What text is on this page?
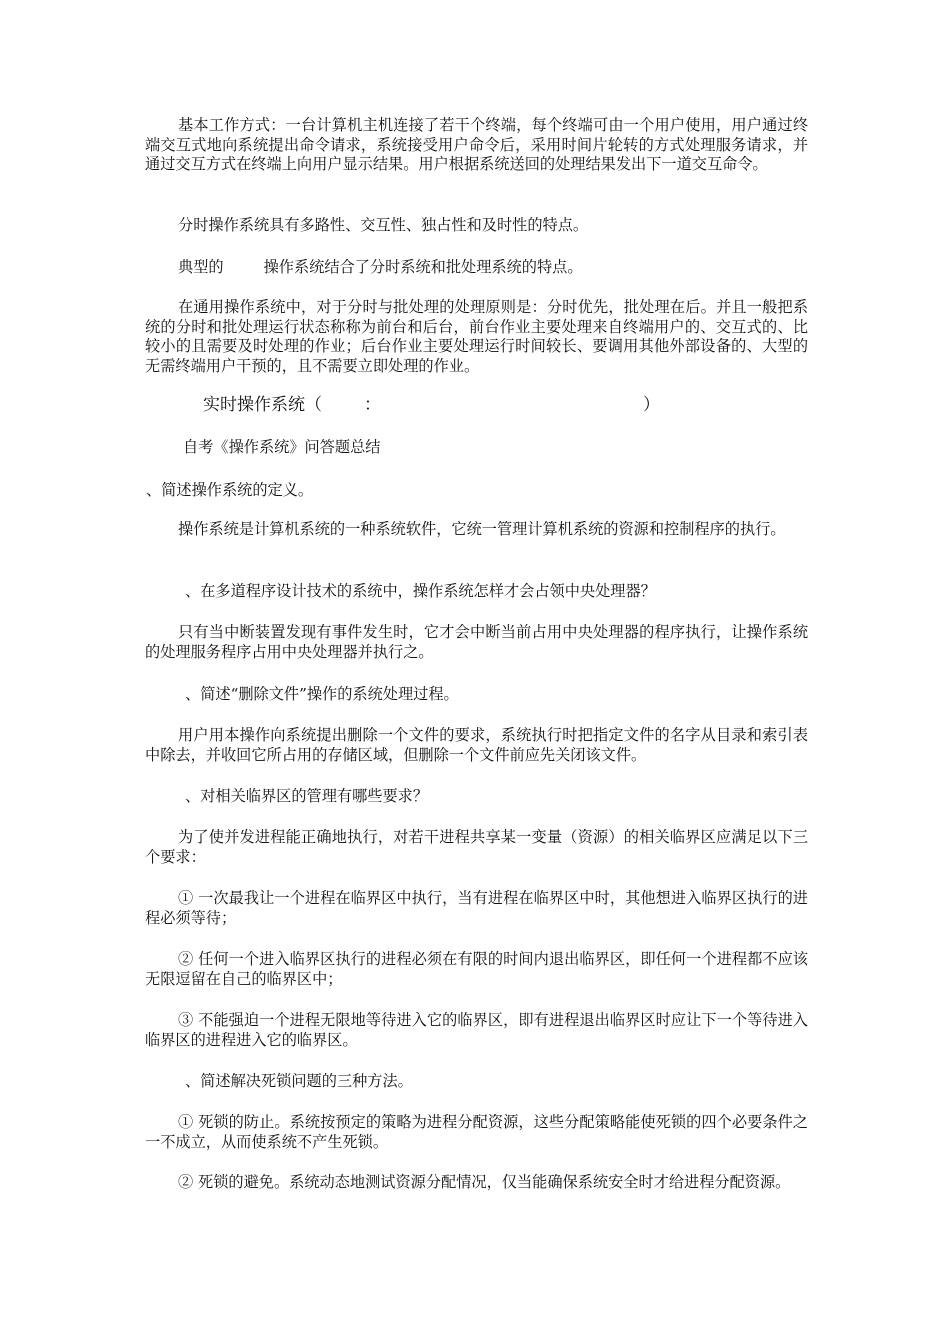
基本工作方式：一台计算机主机连接了若干个终端，每个终端可由一个用户使用，用户通过终端交互式地向系统提出命令请求，系统接受用户命令后，采用时间片轮转的方式处理服务请求，并通过交互方式在终端上向用户显示结果。用户根据系统送回的处理结果发出下一道交互命令。

分时操作系统具有多路性、交互性、独占性和及时性的特点。

典型的	操作系统结合了分时系统和批处理系统的特点。

在通用操作系统中，对于分时与批处理的处理原则是：分时优先，批处理在后。并且一般把系统的分时和批处理运行状态称称为前台和后台，前台作业主要处理来自终端用户的、交互式的、比较小的且需要及时处理的作业；后台作业主要处理运行时间较长、要调用其他外部设备的、大型的无需终端用户干预的，且不需要立即处理的作业。

实时操作系统（ ：	）

自考《操作系统》问答题总结

、简述操作系统的定义。

操作系统是计算机系统的一种系统软件，它统一管理计算机系统的资源和控制程序的执行。

、在多道程序设计技术的系统中，操作系统怎样才会占领中央处理器？

只有当中断装置发现有事件发生时，它才会中断当前占用中央处理器的程序执行，让操作系统的处理服务程序占用中央处理器并执行之。

、简述“删除文件”操作的系统处理过程。

用户用本操作向系统提出删除一个文件的要求，系统执行时把指定文件的名字从目录和索引表中除去，并收回它所占用的存储区域，但删除一个文件前应先关闭该文件。

、对相关临界区的管理有哪些要求？

为了使并发进程能正确地执行，对若干进程共享某一变量（资源）的相关临界区应满足以下三个要求：

① 一次最我让一个进程在临界区中执行，当有进程在临界区中时，其他想进入临界区执行的进程必须等待；

② 任何一个进入临界区执行的进程必须在有限的时间内退出临界区，即任何一个进程都不应该无限逗留在自己的临界区中；

③ 不能强迫一个进程无限地等待进入它的临界区，即有进程退出临界区时应让下一个等待进入临界区的进程进入它的临界区。

、简述解决死锁问题的三种方法。

① 死锁的防止。系统按预定的策略为进程分配资源，这些分配策略能使死锁的四个必要条件之一不成立，从而使系统不产生死锁。

② 死锁的避免。系统动态地测试资源分配情况，仅当能确保系统安全时才给进程分配资源。
